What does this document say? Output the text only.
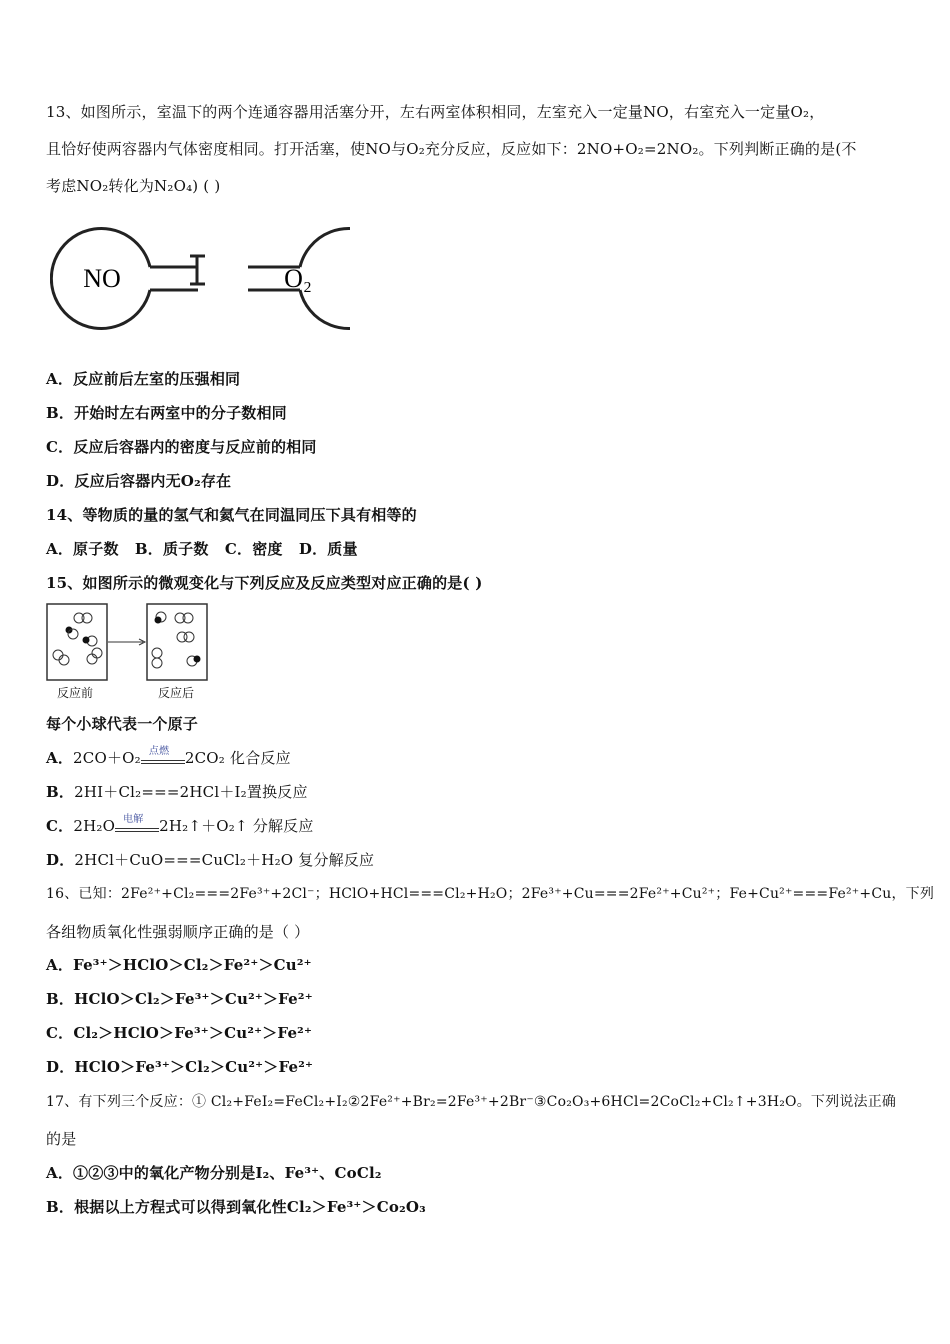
13、如图所示，室温下的两个连通容器用活塞分开，左右两室体积相同，左室充入一定量NO，右室充入一定量O₂，
且恰好使两容器内气体密度相同。打开活塞，使NO与O₂充分反应，反应如下：2NO+O₂=2NO₂。下列判断正确的是(不
考虑NO₂转化为N₂O₄) ( )
NO	O₂
A．反应前后左室的压强相同
B．开始时左右两室中的分子数相同
C．反应后容器内的密度与反应前的相同
D．反应后容器内无O₂存在
14、等物质的量的氢气和氦气在同温同压下具有相等的
A．原子数   B．质子数   C．密度   D．质量
15、如图所示的微观变化与下列反应及反应类型对应正确的是( )
反应前	反应后
每个小球代表一个原子
A．2CO＋O₂ 点燃 2CO₂ 化合反应
B．2HI＋Cl₂===2HCl＋I₂置换反应
C．2H₂O 电解 2H₂↑＋O₂↑ 分解反应
D．2HCl＋CuO===CuCl₂＋H₂O 复分解反应
16、已知：2Fe²⁺+Cl₂===2Fe³⁺+2Cl⁻；HClO+HCl===Cl₂+H₂O；2Fe³⁺+Cu===2Fe²⁺+Cu²⁺；Fe+Cu²⁺===Fe²⁺+Cu，下列
各组物质氧化性强弱顺序正确的是（ ）
A．Fe³⁺＞HClO＞Cl₂＞Fe²⁺＞Cu²⁺
B．HClO＞Cl₂＞Fe³⁺＞Cu²⁺＞Fe²⁺
C．Cl₂＞HClO＞Fe³⁺＞Cu²⁺＞Fe²⁺
D．HClO＞Fe³⁺＞Cl₂＞Cu²⁺＞Fe²⁺
17、有下列三个反应：① Cl₂+FeI₂=FeCl₂+I₂②2Fe²⁺+Br₂=2Fe³⁺+2Br⁻③Co₂O₃+6HCl=2CoCl₂+Cl₂↑+3H₂O。下列说法正确
的是
A．①②③中的氧化产物分别是I₂、Fe³⁺、CoCl₂
B．根据以上方程式可以得到氧化性Cl₂＞Fe³⁺＞Co₂O₃
